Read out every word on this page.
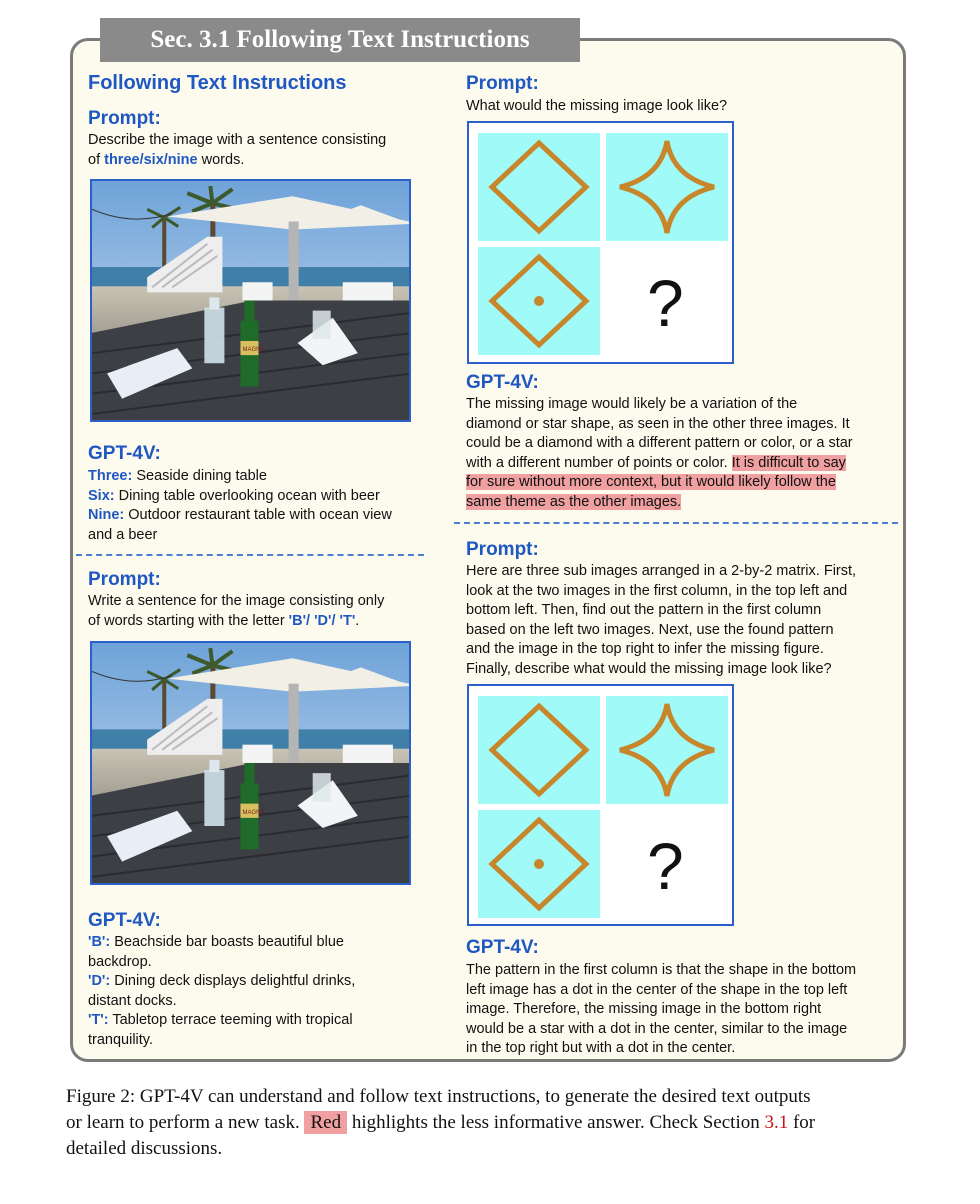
Sec. 3.1 Following Text Instructions
Following Text Instructions
Prompt:
Describe the image with a sentence consisting
of three/six/nine words.
MAGNA
GPT-4V:
Three: Seaside dining table
Six: Dining table overlooking ocean with beer
Nine: Outdoor restaurant table with ocean view
and a beer
Prompt:
Write a sentence for the image consisting only
of words starting with the letter 'B'/ 'D'/ 'T'.
MAGNA
GPT-4V:
'B': Beachside bar boasts beautiful blue
backdrop.
'D': Dining deck displays delightful drinks,
distant docks.
'T': Tabletop terrace teeming with tropical
tranquility.
Prompt:
What would the missing image look like?
?
GPT-4V:
The missing image would likely be a variation of the
diamond or star shape, as seen in the other three images. It
could be a diamond with a different pattern or color, or a star
with a different number of points or color. It is difficult to say
for sure without more context, but it would likely follow the
same theme as the other images.
Prompt:
Here are three sub images arranged in a 2-by-2 matrix. First,
look at the two images in the first column, in the top left and
bottom left. Then, find out the pattern in the first column
based on the left two images. Next, use the found pattern
and the image in the top right to infer the missing figure.
Finally, describe what would the missing image look like?
?
GPT-4V:
The pattern in the first column is that the shape in the bottom
left image has a dot in the center of the shape in the top left
image. Therefore, the missing image in the bottom right
would be a star with a dot in the center, similar to the image
in the top right but with a dot in the center.
Figure 2: GPT-4V can understand and follow text instructions, to generate the desired text outputs
or learn to perform a new task. Red highlights the less informative answer. Check Section 3.1 for
detailed discussions.
